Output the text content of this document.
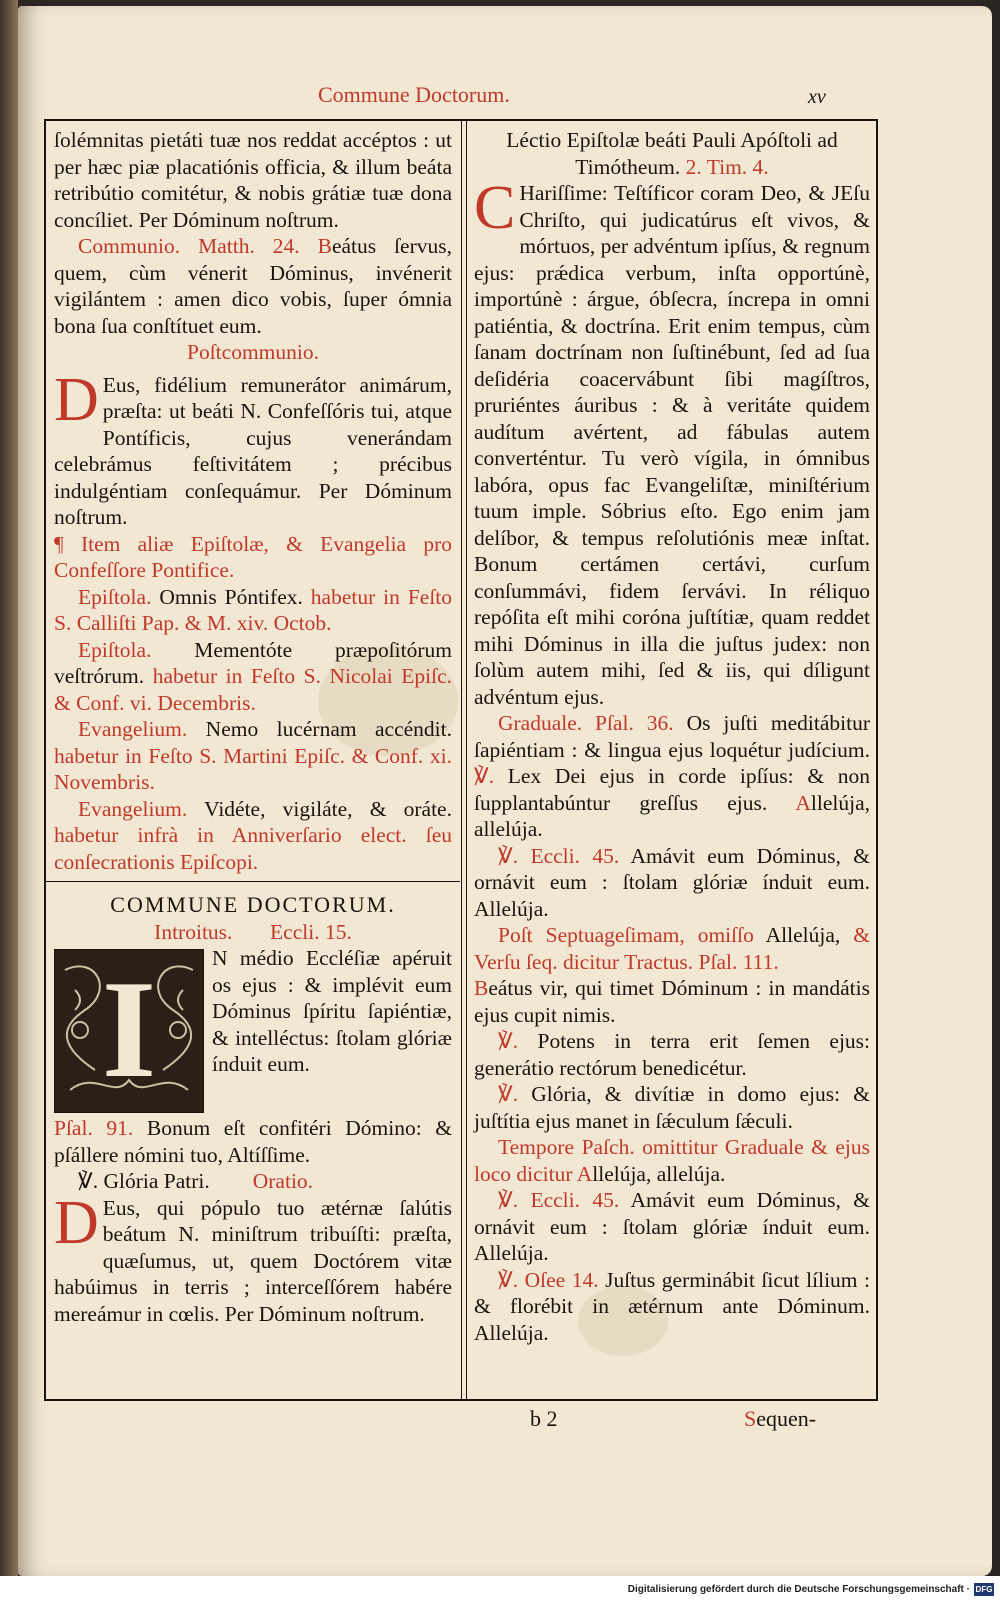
Commune Doctorum.	xv

ſolémnitas pietáti tuæ nos reddat accéptos : ut per hæc piæ placatiónis officia, & illum beáta retribútio comitétur, & nobis grátiæ tuæ dona concíliet. Per Dóminum noſtrum.

Communio. Matth. 24. Beátus ſervus, quem, cùm vénerit Dóminus, invénerit vigilántem : amen dico vobis, ſuper ómnia bona ſua conſtítuet eum.

Poſtcommunio.

D Eus, fidélium remunerátor animárum, præſta: ut beáti N. Confeſſóris tui, atque Pontíficis, cujus venerándam celebrámus feſtivitátem ; précibus indulgéntiam conſequámur. Per Dóminum noſtrum.

¶ Item aliæ Epiſtolæ, & Evangelia pro Confeſſore Pontifice.

Epiſtola. Omnis Póntifex. habetur in Feſto S. Calliſti Pap. & M. xiv. Octob.

Epiſtola. Mementóte præpoſitórum veſtrórum. habetur in Feſto S. Nicolai Epiſc. & Conf. vi. Decembris.

Evangelium. Nemo lucérnam accéndit. habetur in Feſto S. Martini Epiſc. & Conf. xi. Novembris.

Evangelium. Vidéte, vigiláte, & oráte. habetur infrà in Anniverſario elect. ſeu conſecrationis Epiſcopi.

COMMUNE DOCTORUM.

Introitus. Eccli. 15.

I	N médio Eccléſiæ apéruit os ejus : & implévit eum Dóminus ſpíritu ſapiéntiæ, & intelléctus: ſtolam glóriæ índuit eum.

Pſal. 91. Bonum eſt confitéri Dómino: & pſállere nómini tuo, Altíſſime.

℣. Glória Patri. Oratio.

D Eus, qui pópulo tuo ætérnæ ſalútis beátum N. miniſtrum tribuíſti: præſta, quæſumus, ut, quem Doctórem vitæ habúimus in terris ; interceſſórem habére mereámur in cœlis. Per Dóminum noſtrum.

Léctio Epiſtolæ beáti Pauli Apóſtoli ad Timótheum. 2. Tim. 4.

C Hariſſime: Teſtíficor coram Deo, & JEſu Chriſto, qui judicatúrus eſt vivos, & mórtuos, per advéntum ipſíus, & regnum ejus: prǽdica verbum, inſta opportúnè, importúnè : árgue, óbſecra, íncrepa in omni patiéntia, & doctrína. Erit enim tempus, cùm ſanam doctrínam non ſuſtinébunt, ſed ad ſua deſidéria coacervábunt ſibi magíſtros, pruriéntes áuribus : & à veritáte quidem audítum avértent, ad fábulas autem converténtur. Tu verò vígila, in ómnibus labóra, opus fac Evangeliſtæ, miniſtérium tuum imple. Sóbrius eſto. Ego enim jam delíbor, & tempus reſolutiónis meæ inſtat. Bonum certámen certávi, curſum conſummávi, fidem ſervávi. In réliquo repóſita eſt mihi coróna juſtítiæ, quam reddet mihi Dóminus in illa die juſtus judex: non ſolùm autem mihi, ſed & iis, qui díligunt advéntum ejus.

Graduale. Pſal. 36. Os juſti meditábitur ſapiéntiam : & lingua ejus loquétur judícium. ℣. Lex Dei ejus in corde ipſíus: & non ſupplantabúntur greſſus ejus. Allelúja, allelúja.

℣. Eccli. 45. Amávit eum Dóminus, & ornávit eum : ſtolam glóriæ índuit eum. Allelúja.

Poſt Septuageſimam, omiſſo Allelúja, & Verſu ſeq. dicitur Tractus. Pſal. 111.

Beátus vir, qui timet Dóminum : in mandátis ejus cupit nimis.

℣. Potens in terra erit ſemen ejus: generátio rectórum benedicétur.

℣. Glória, & divítiæ in domo ejus: & juſtítia ejus manet in ſǽculum ſǽculi.

Tempore Paſch. omittitur Graduale & ejus loco dicitur Allelúja, allelúja.

℣. Eccli. 45. Amávit eum Dóminus, & ornávit eum : ſtolam glóriæ índuit eum. Allelúja.

℣. Oſee 14. Juſtus germinábit ſicut lílium : & florébit in ætérnum ante Dóminum. Allelúja.

b 2	Sequen-
Digitalisierung gefördert durch die Deutsche Forschungsgemeinschaft · DFG
